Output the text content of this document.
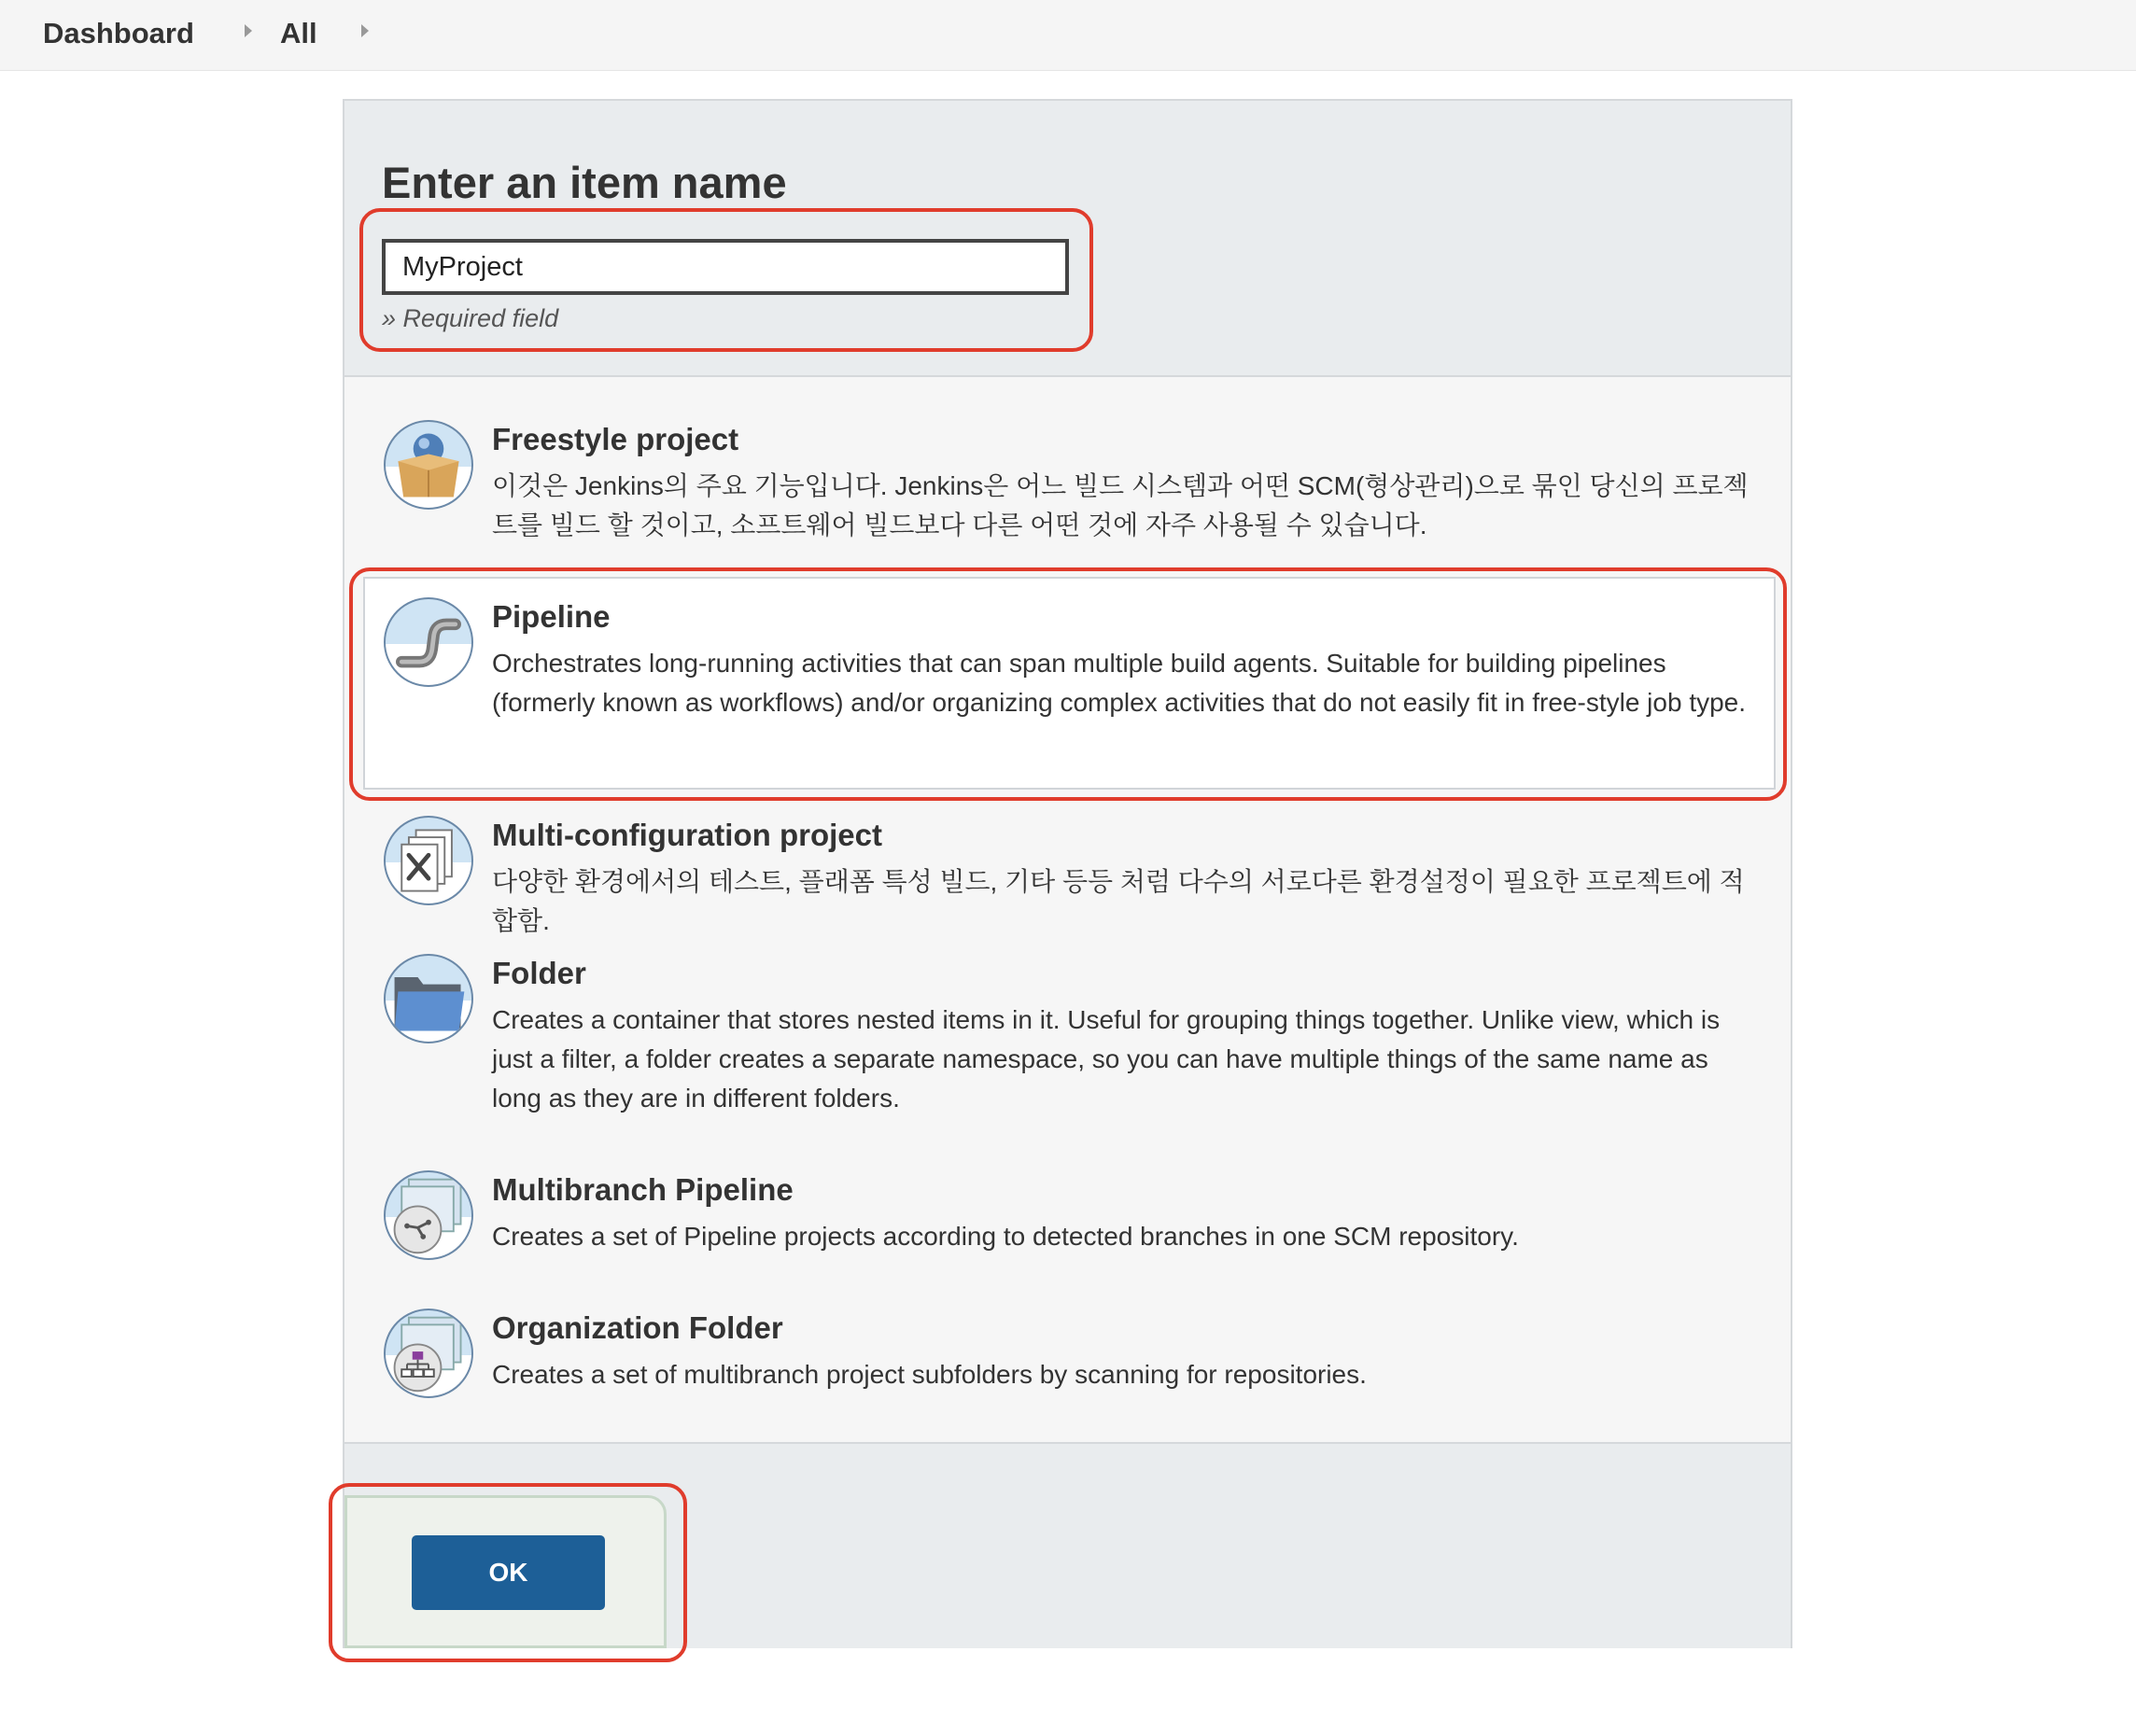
Dashboard	All
Enter an item name
MyProject
» Required field
Freestyle project
이것은 Jenkins의 주요 기능입니다. Jenkins은 어느 빌드 시스템과 어떤 SCM(형상관리)으로 묶인 당신의 프로젝트를 빌드 할 것이고, 소프트웨어 빌드보다 다른 어떤 것에 자주 사용될 수 있습니다.
Pipeline
Orchestrates long-running activities that can span multiple build agents. Suitable for building pipelines (formerly known as workflows) and/or organizing complex activities that do not easily fit in free-style job type.
Multi-configuration project
다양한 환경에서의 테스트, 플래폼 특성 빌드, 기타 등등 처럼 다수의 서로다른 환경설정이 필요한 프로젝트에 적합함.
Folder
Creates a container that stores nested items in it. Useful for grouping things together. Unlike view, which is just a filter, a folder creates a separate namespace, so you can have multiple things of the same name as long as they are in different folders.
Multibranch Pipeline
Creates a set of Pipeline projects according to detected branches in one SCM repository.
Organization Folder
Creates a set of multibranch project subfolders by scanning for repositories.
OK
